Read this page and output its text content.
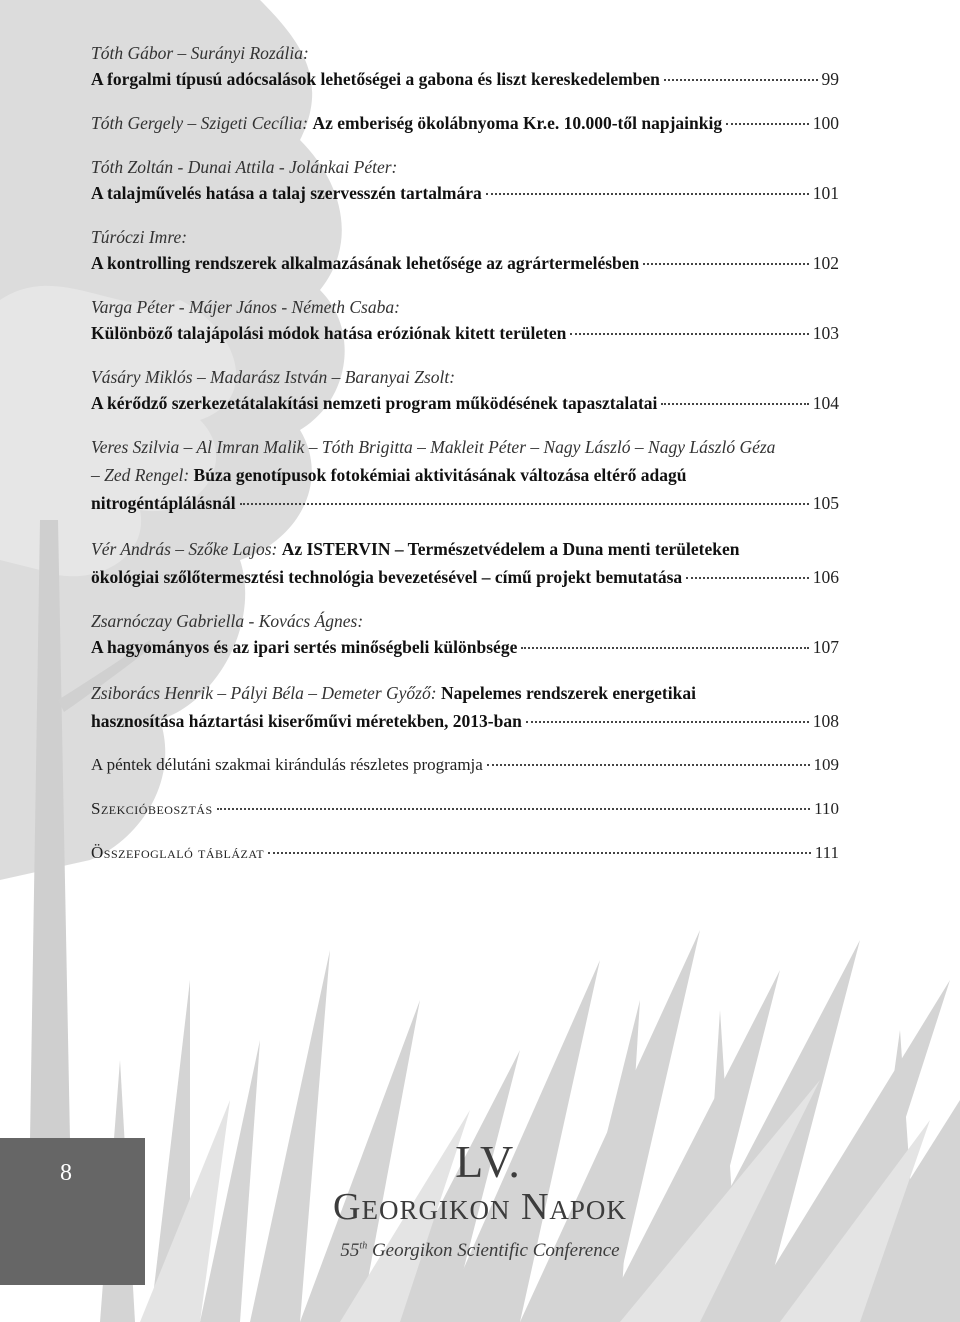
Tóth Gábor – Surányi Rozália:
A forgalmi típusú adócsalások lehetőségei a gabona és liszt kereskedelemben	99
Tóth Gergely – Szigeti Cecília: Az emberiség ökolábnyoma Kr.e. 10.000-től napjainkig	100
Tóth Zoltán - Dunai Attila - Jolánkai Péter:
A talajművelés hatása a talaj szervesszén tartalmára	101
Túróczi Imre:
A kontrolling rendszerek alkalmazásának lehetősége az agrártermelésben	102
Varga Péter - Májer János - Németh Csaba:
Különböző talajápolási módok hatása eróziónak kitett területen	103
Vásáry Miklós – Madarász István – Baranyai Zsolt:
A kérődző szerkezetátalakítási nemzeti program működésének tapasztalatai	104
Veres Szilvia – Al Imran Malik – Tóth Brigitta – Makleit Péter – Nagy László – Nagy László Géza
– Zed Rengel: Búza genotípusok fotokémiai aktivitásának változása eltérő adagú
nitrogéntáplálásnál	105
Vér András – Szőke Lajos: Az ISTERVIN – Természetvédelem a Duna menti területeken
ökológiai szőlőtermesztési technológia bevezetésével – című projekt bemutatása	106
Zsarnóczay Gabriella - Kovács Ágnes:
A hagyományos és az ipari sertés minőségbeli különbsége	107
Zsiborács Henrik – Pályi Béla – Demeter Győző: Napelemes rendszerek energetikai
hasznosítása háztartási kiserőművi méretekben, 2013-ban	108
A péntek délutáni szakmai kirándulás részletes programja	109
Szekcióbeosztás	110
Összefoglaló táblázat	111
8	LV.
Georgikon Napok
55th Georgikon Scientific Conference
